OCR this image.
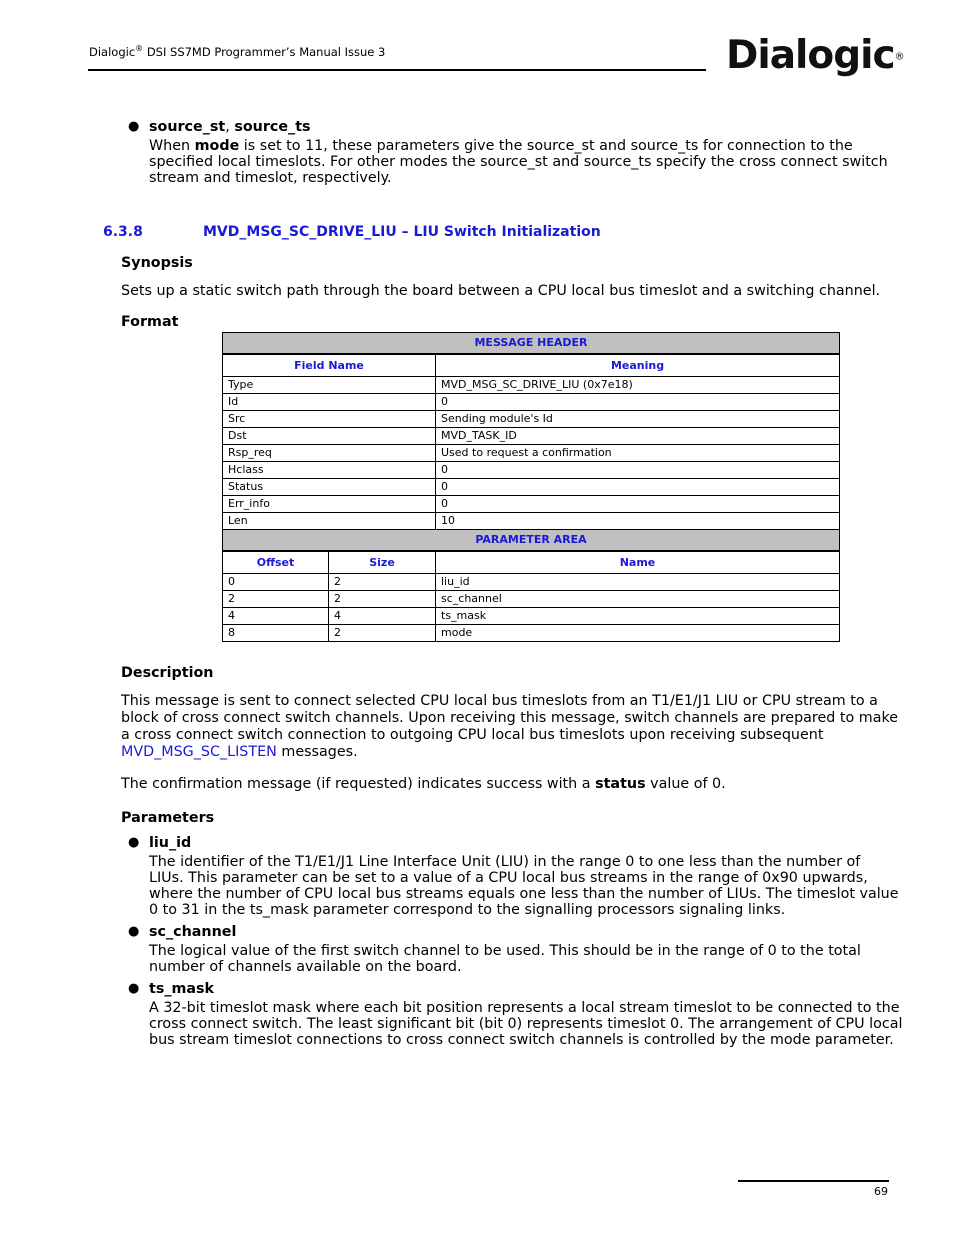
Dialogic® DSI SS7MD Programmer’s Manual Issue 3	Dialogic®
● source_st, source_ts
When mode is set to 11, these parameters give the source_st and source_ts for connection to the
specified local timeslots. For other modes the source_st and source_ts specify the cross connect switch
stream and timeslot, respectively.
6.3.8	MVD_MSG_SC_DRIVE_LIU – LIU Switch Initialization
Synopsis
Sets up a static switch path through the board between a CPU local bus timeslot and a switching channel.
Format
MESSAGE HEADER		
Field Name		Meaning
Type		MVD_MSG_SC_DRIVE_LIU (0x7e18)
Id		0
Src		Sending module's Id
Dst		MVD_TASK_ID
Rsp_req		Used to request a confirmation
Hclass		0
Status		0
Err_info		0
Len		10
PARAMETER AREA		
Offset	Size	Name
0	2	liu_id
2	2	sc_channel
4	4	ts_mask
8	2	mode
Description
This message is sent to connect selected CPU local bus timeslots from an T1/E1/J1 LIU or CPU stream to a
block of cross connect switch channels. Upon receiving this message, switch channels are prepared to make
a cross connect switch connection to outgoing CPU local bus timeslots upon receiving subsequent
MVD_MSG_SC_LISTEN messages.
The confirmation message (if requested) indicates success with a status value of 0.
Parameters
● liu_id
The identifier of the T1/E1/J1 Line Interface Unit (LIU) in the range 0 to one less than the number of
LIUs. This parameter can be set to a value of a CPU local bus streams in the range of 0x90 upwards,
where the number of CPU local bus streams equals one less than the number of LIUs. The timeslot value
0 to 31 in the ts_mask parameter correspond to the signalling processors signaling links.
● sc_channel
The logical value of the first switch channel to be used. This should be in the range of 0 to the total
number of channels available on the board.
● ts_mask
A 32-bit timeslot mask where each bit position represents a local stream timeslot to be connected to the
cross connect switch. The least significant bit (bit 0) represents timeslot 0. The arrangement of CPU local
bus stream timeslot connections to cross connect switch channels is controlled by the mode parameter.
69
